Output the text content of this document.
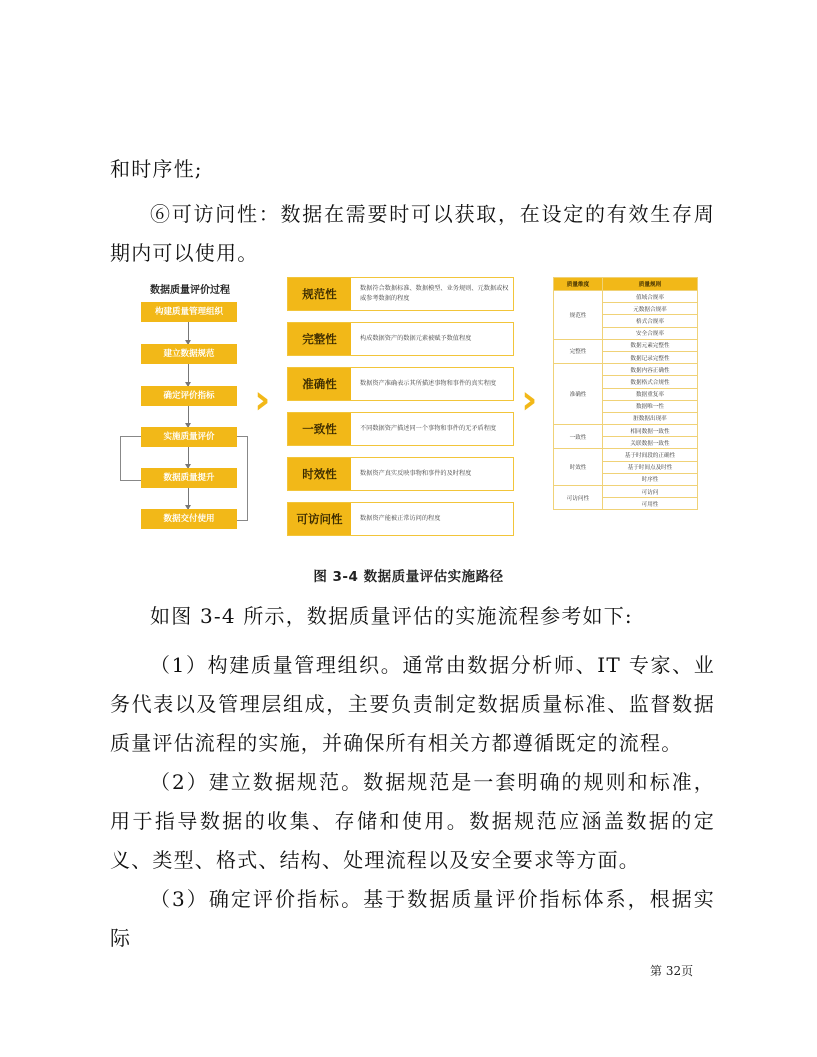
和时序性;

⑥可访问性：数据在需要时可以获取，在设定的有效生存周期内可以使用。

数据质量评价过程
构建质量管理组织
建立数据规范
确定评价指标
实施质量评价
数据质量提升
数据交付使用
›
规范性	数据符合数据标准、数据模型、业务规则、元数据或权威参考数据的程度
完整性	构成数据资产的数据元素被赋予数值程度
准确性	数据资产准确表示其所描述事物和事件的真实程度
一致性	不同数据资产描述同一个事物和事件的无矛盾程度
时效性	数据资产真实反映事物和事件的及时程度
可访问性	数据资产能被正常访问的程度
›
质量维度	质量规则
规范性	值域合规率
	元数据合规率
	格式合规率
	安全合规率
完整性	数据元素完整性
	数据记录完整性
准确性	数据内容正确性
	数据格式合规性
	数据重复率
	数据唯一性
	脏数据出现率
一致性	相同数据一致性
	关联数据一致性
时效性	基于时间段的正确性
	基于时间点及时性
	时序性
可访问性	可访问
	可用性
图 3-4 数据质量评估实施路径

如图 3-4 所示，数据质量评估的实施流程参考如下:

（1）构建质量管理组织。通常由数据分析师、IT 专家、业务代表以及管理层组成，主要负责制定数据质量标准、监督数据质量评估流程的实施，并确保所有相关方都遵循既定的流程。

（2）建立数据规范。数据规范是一套明确的规则和标准，用于指导数据的收集、存储和使用。数据规范应涵盖数据的定义、类型、格式、结构、处理流程以及安全要求等方面。

（3）确定评价指标。基于数据质量评价指标体系，根据实际

第 32页
